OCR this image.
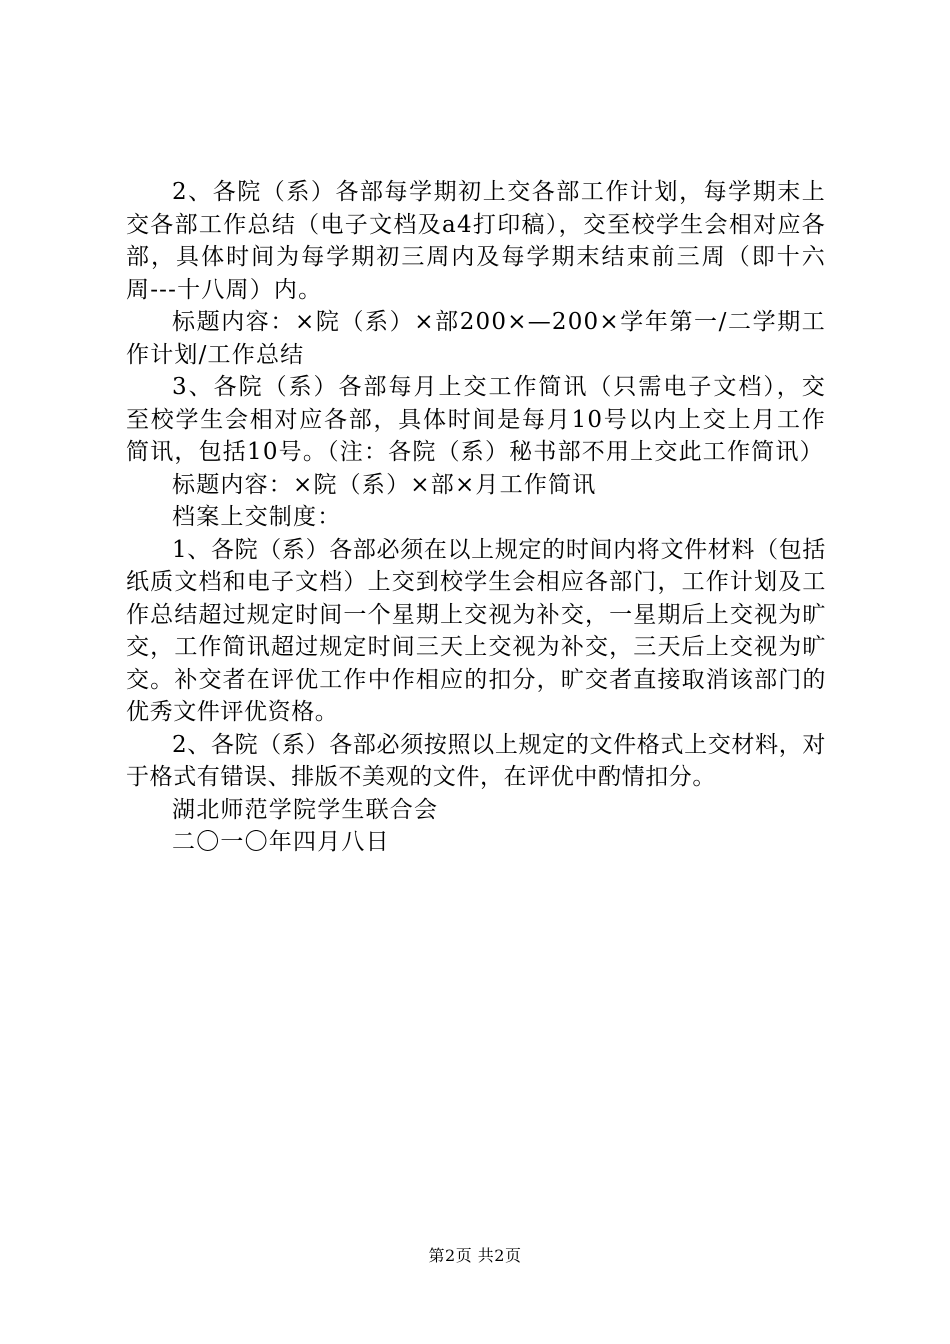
2、各院（系）各部每学期初上交各部工作计划，每学期末上交各部工作总结（电子文档及a4打印稿），交至校学生会相对应各部，具体时间为每学期初三周内及每学期末结束前三周（即十六周---十八周）内。

标题内容：×院（系）×部200×—200×学年第一/二学期工作计划/工作总结

3、各院（系）各部每月上交工作简讯（只需电子文档），交至校学生会相对应各部，具体时间是每月10号以内上交上月工作简讯，包括10号。（注：各院（系）秘书部不用上交此工作简讯）

标题内容：×院（系）×部×月工作简讯

档案上交制度：

1、各院（系）各部必须在以上规定的时间内将文件材料（包括纸质文档和电子文档）上交到校学生会相应各部门，工作计划及工作总结超过规定时间一个星期上交视为补交，一星期后上交视为旷交，工作简讯超过规定时间三天上交视为补交，三天后上交视为旷交。补交者在评优工作中作相应的扣分，旷交者直接取消该部门的优秀文件评优资格。

2、各院（系）各部必须按照以上规定的文件格式上交材料，对于格式有错误、排版不美观的文件，在评优中酌情扣分。

湖北师范学院学生联合会

二〇一〇年四月八日

第2页 共2页
